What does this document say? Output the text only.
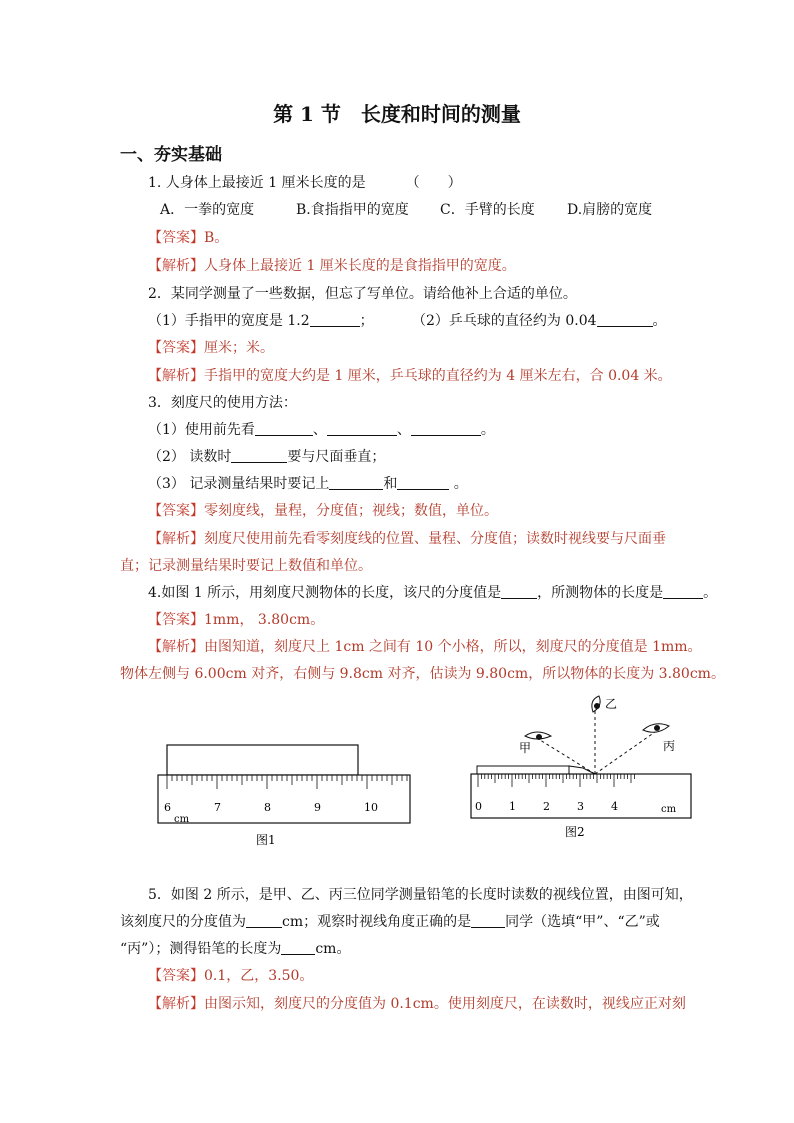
第 1 节　长度和时间的测量
一、夯实基础
1. 人身体上最接近 1 厘米长度的是	（　　）
A．一拳的宽度	B.食指指甲的宽度 C．手臂的长度 D.肩膀的宽度
【答案】B。
【解析】人身体上最接近 1 厘米长度的是食指指甲的宽度。
2．某同学测量了一些数据，但忘了写单位。请给他补上合适的单位。
（1）手指甲的宽度是 1.2	；	（2）乒乓球的直径约为 0.04	。
【答案】厘米；米。
【解析】手指甲的宽度大约是 1 厘米，乒乓球的直径约为 4 厘米左右，合 0.04 米。
3．刻度尺的使用方法：
（1）使用前先看	、	、	。
（2） 读数时	要与尺面垂直；
（3） 记录测量结果时要记上	和	。
【答案】零刻度线，量程，分度值；视线；数值，单位。
【解析】刻度尺使用前先看零刻度线的位置、量程、分度值；读数时视线要与尺面垂
直；记录测量结果时要记上数值和单位。
4.如图 1 所示，用刻度尺测物体的长度，该尺的分度值是	，所测物体的长度是	。
【答案】1mm， 3.80cm。
【解析】由图知道，刻度尺上 1cm 之间有 10 个小格，所以，刻度尺的分度值是 1mm。
物体左侧与 6.00cm 对齐，右侧与 9.8cm 对齐，估读为 9.80cm，所以物体的长度为 3.80cm。
6	7	8	9	10
cm
图1
甲
乙
丙
0 1 2 3 4	cm
图2
5．如图 2 所示，是甲、乙、丙三位同学测量铅笔的长度时读数的视线位置，由图可知，
该刻度尺的分度值为	cm；观察时视线角度正确的是 同学（选填“甲”、“乙”或
“丙”）；测得铅笔的长度为 cm。
【答案】0.1，乙，3.50。
【解析】由图示知，刻度尺的分度值为 0.1cm。使用刻度尺，在读数时，视线应正对刻
